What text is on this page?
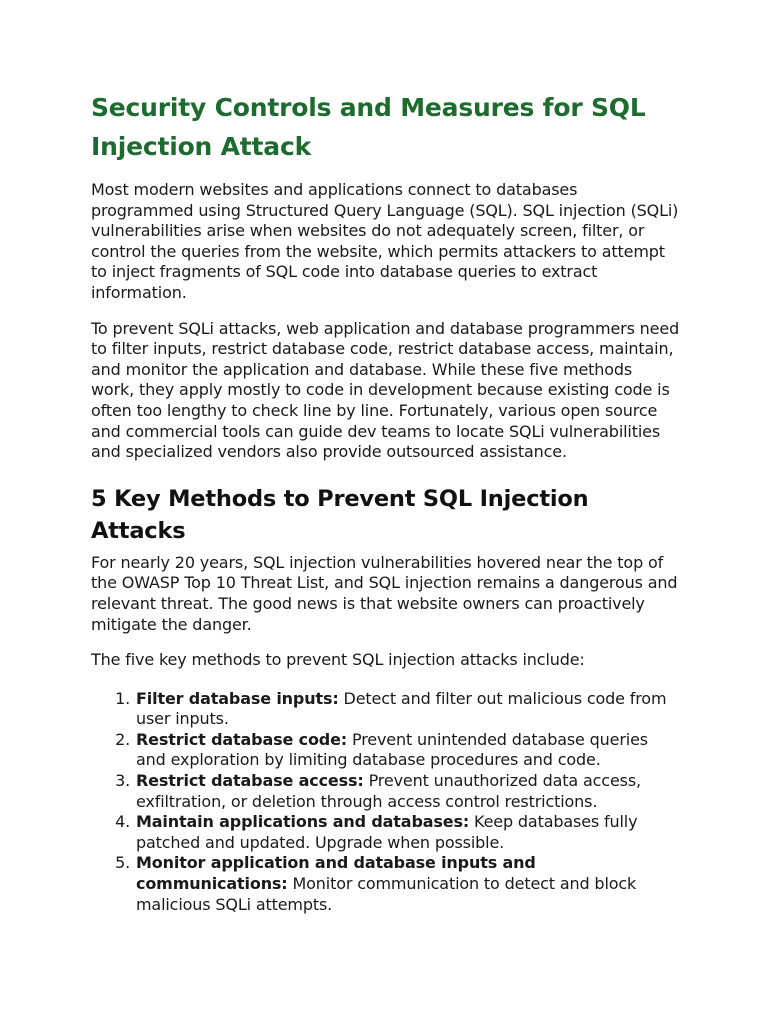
Security Controls and Measures for SQL Injection Attack

Most modern websites and applications connect to databases programmed using Structured Query Language (SQL). SQL injection (SQLi) vulnerabilities arise when websites do not adequately screen, filter, or control the queries from the website, which permits attackers to attempt to inject fragments of SQL code into database queries to extract information.

To prevent SQLi attacks, web application and database programmers need to filter inputs, restrict database code, restrict database access, maintain, and monitor the application and database. While these five methods work, they apply mostly to code in development because existing code is often too lengthy to check line by line. Fortunately, various open source and commercial tools can guide dev teams to locate SQLi vulnerabilities and specialized vendors also provide outsourced assistance.

5 Key Methods to Prevent SQL Injection Attacks

For nearly 20 years, SQL injection vulnerabilities hovered near the top of the OWASP Top 10 Threat List, and SQL injection remains a dangerous and relevant threat. The good news is that website owners can proactively mitigate the danger.

The five key methods to prevent SQL injection attacks include:

1. Filter database inputs: Detect and filter out malicious code from user inputs.
2. Restrict database code: Prevent unintended database queries and exploration by limiting database procedures and code.
3. Restrict database access: Prevent unauthorized data access, exfiltration, or deletion through access control restrictions.
4. Maintain applications and databases: Keep databases fully patched and updated. Upgrade when possible.
5. Monitor application and database inputs and communications: Monitor communication to detect and block malicious SQLi attempts.
